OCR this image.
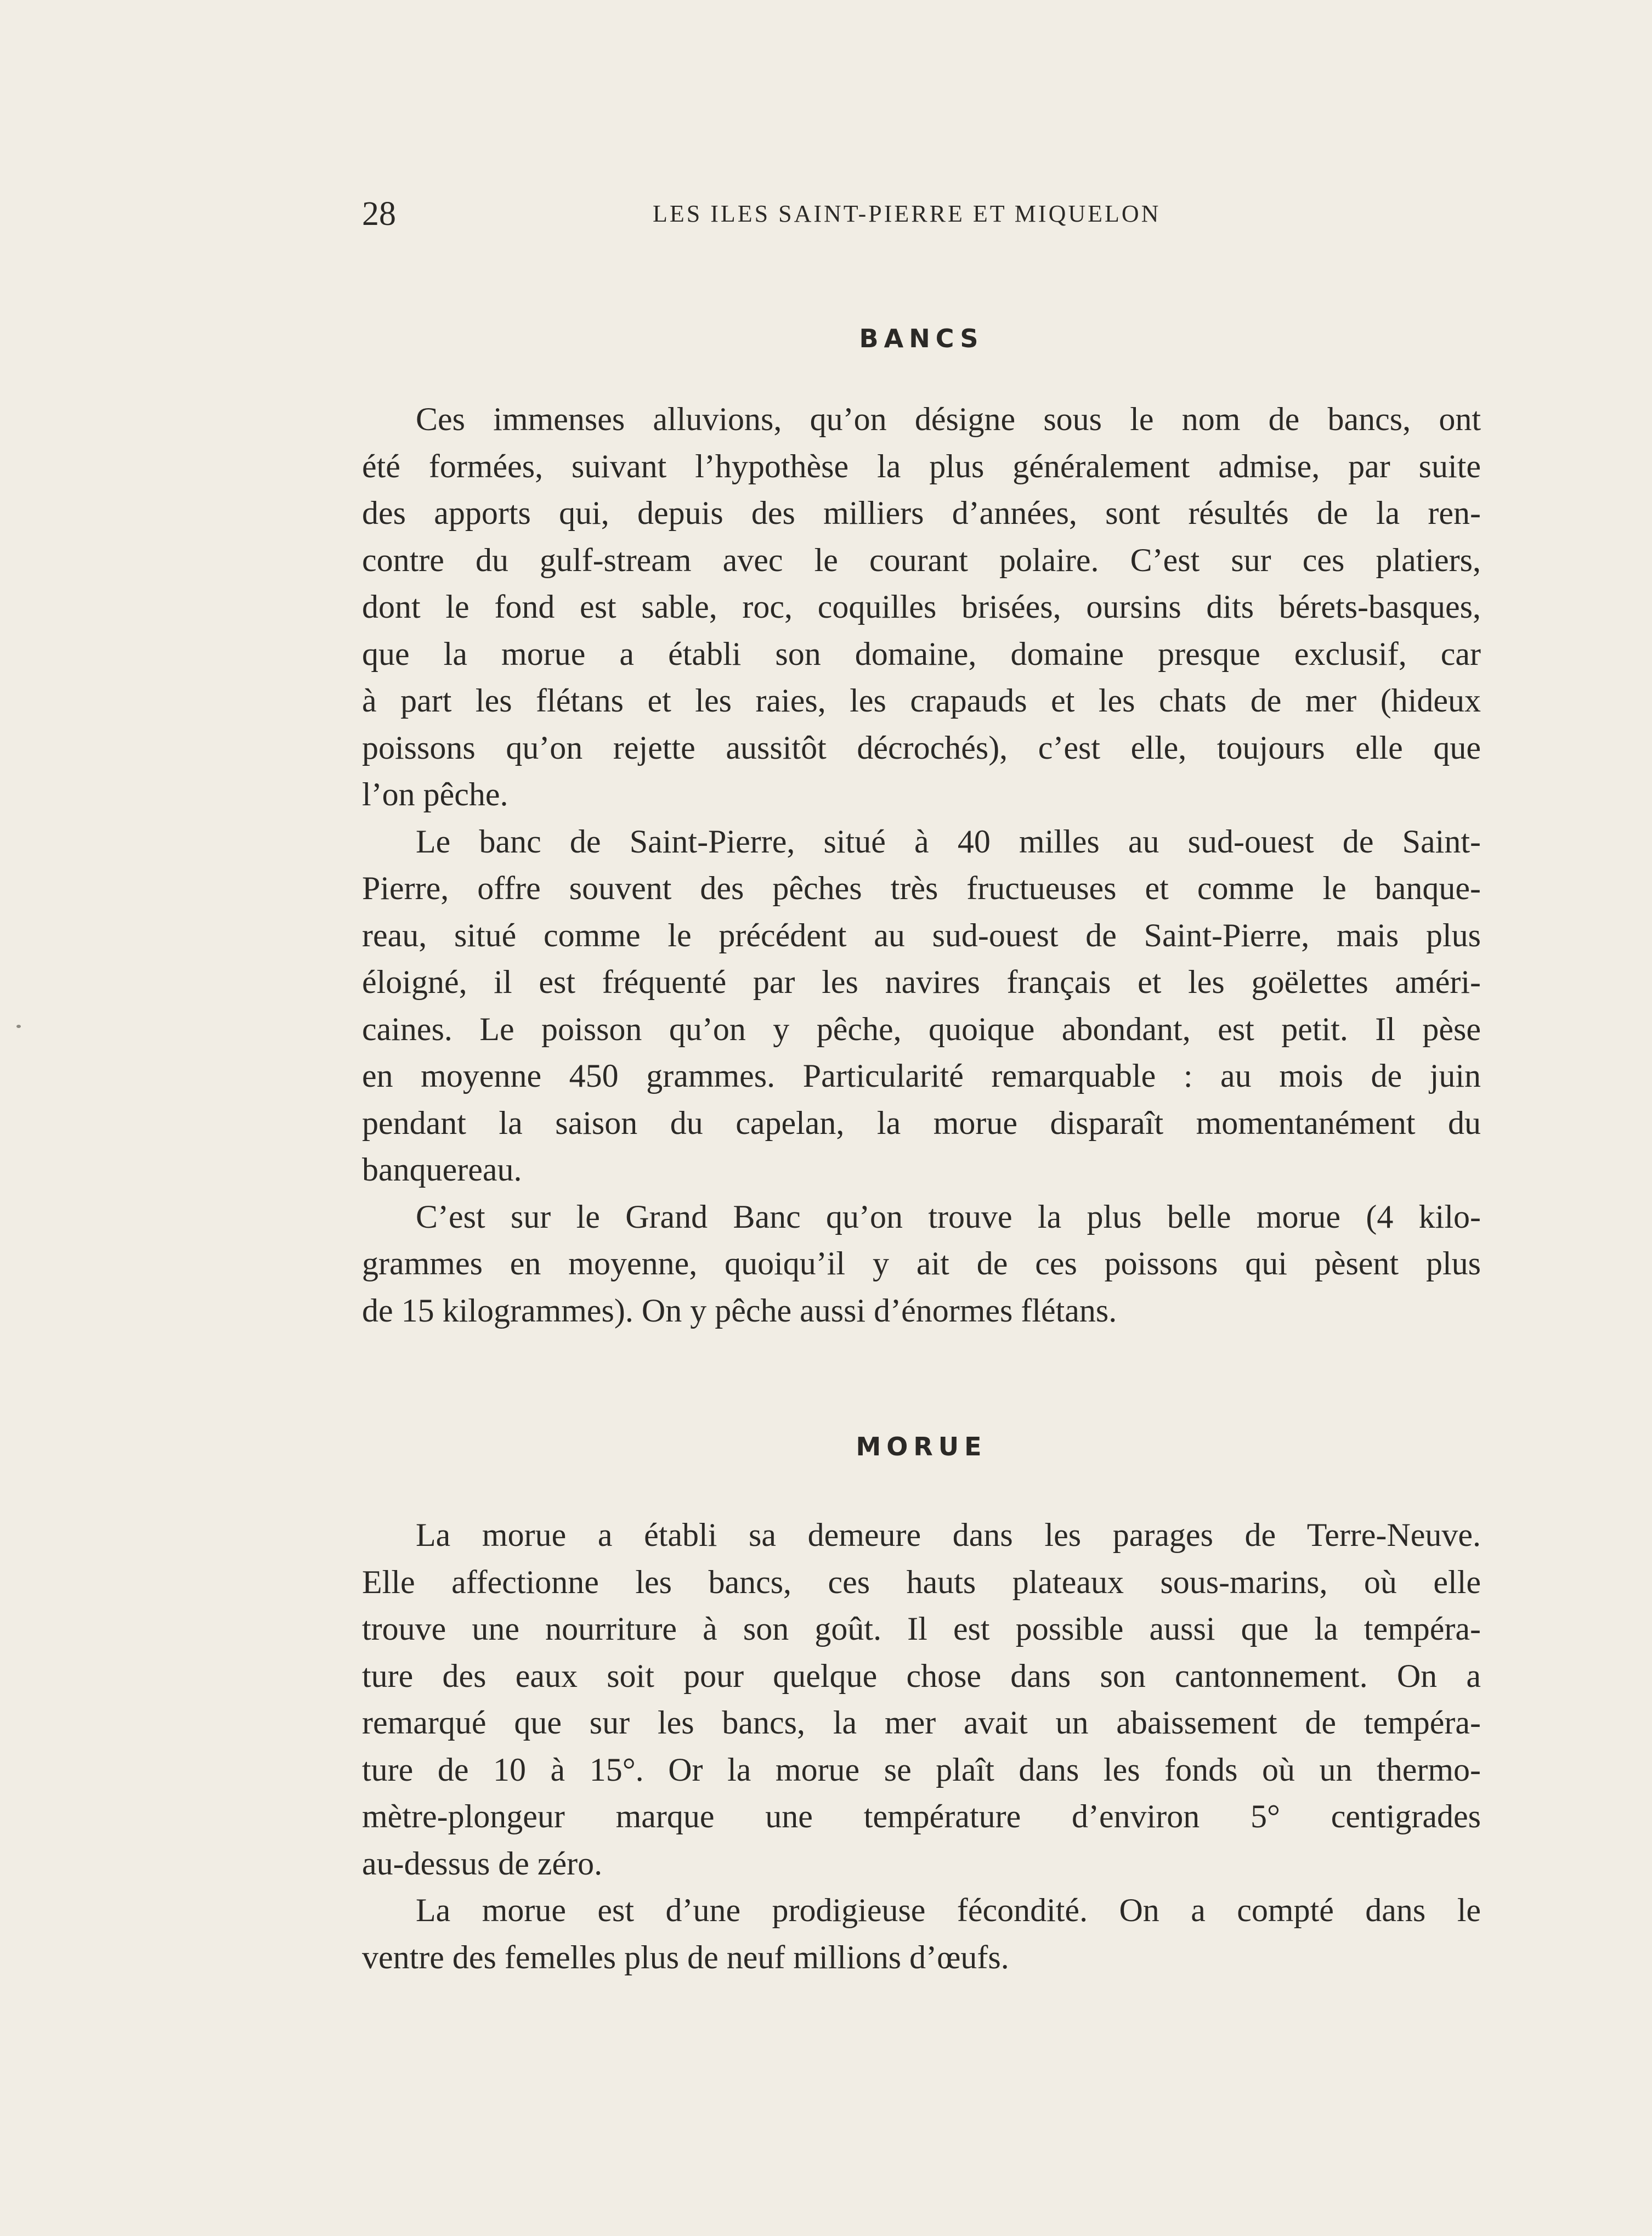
28	LES ILES SAINT-PIERRE ET MIQUELON
BANCS
Ces immenses alluvions, qu’on désigne sous le nom de bancs, ont
été formées, suivant l’hypothèse la plus généralement admise, par suite
des apports qui, depuis des milliers d’années, sont résultés de la ren-
contre du gulf-stream avec le courant polaire. C’est sur ces platiers,
dont le fond est sable, roc, coquilles brisées, oursins dits bérets-basques,
que la morue a établi son domaine, domaine presque exclusif, car
à part les flétans et les raies, les crapauds et les chats de mer (hideux
poissons qu’on rejette aussitôt décrochés), c’est elle, toujours elle que
l’on pêche.
Le banc de Saint-Pierre, situé à 40 milles au sud-ouest de Saint-
Pierre, offre souvent des pêches très fructueuses et comme le banque-
reau, situé comme le précédent au sud-ouest de Saint-Pierre, mais plus
éloigné, il est fréquenté par les navires français et les goëlettes améri-
caines. Le poisson qu’on y pêche, quoique abondant, est petit. Il pèse
en moyenne 450 grammes. Particularité remarquable : au mois de juin
pendant la saison du capelan, la morue disparaît momentanément du
banquereau.
C’est sur le Grand Banc qu’on trouve la plus belle morue (4 kilo-
grammes en moyenne, quoiqu’il y ait de ces poissons qui pèsent plus
de 15 kilogrammes). On y pêche aussi d’énormes flétans.
MORUE
La morue a établi sa demeure dans les parages de Terre-Neuve.
Elle affectionne les bancs, ces hauts plateaux sous-marins, où elle
trouve une nourriture à son goût. Il est possible aussi que la tempéra-
ture des eaux soit pour quelque chose dans son cantonnement. On a
remarqué que sur les bancs, la mer avait un abaissement de tempéra-
ture de 10 à 15°. Or la morue se plaît dans les fonds où un thermo-
mètre-plongeur marque une température d’environ 5° centigrades
au-dessus de zéro.
La morue est d’une prodigieuse fécondité. On a compté dans le
ventre des femelles plus de neuf millions d’œufs.
